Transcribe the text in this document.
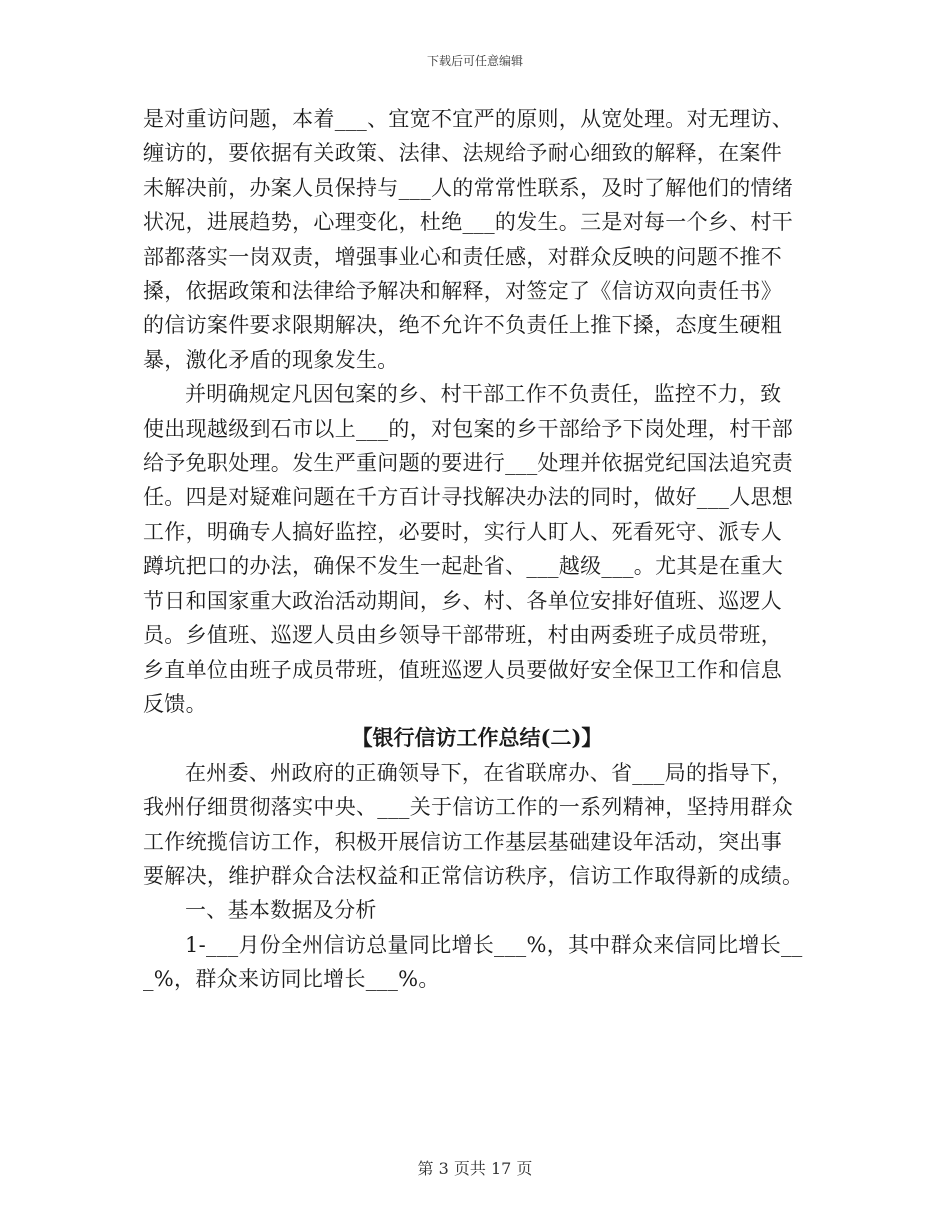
下载后可任意编辑
是对重访问题，本着___、宜宽不宜严的原则，从宽处理。对无理访、
缠访的，要依据有关政策、法律、法规给予耐心细致的解释，在案件
未解决前，办案人员保持与___人的常常性联系，及时了解他们的情绪
状况，进展趋势，心理变化，杜绝___的发生。三是对每一个乡、村干
部都落实一岗双责，增强事业心和责任感，对群众反映的问题不推不
搡，依据政策和法律给予解决和解释，对签定了《信访双向责任书》
的信访案件要求限期解决，绝不允许不负责任上推下搡，态度生硬粗
暴，激化矛盾的现象发生。
并明确规定凡因包案的乡、村干部工作不负责任，监控不力，致
使出现越级到石市以上___的，对包案的乡干部给予下岗处理，村干部
给予免职处理。发生严重问题的要进行___处理并依据党纪国法追究责
任。四是对疑难问题在千方百计寻找解决办法的同时，做好___人思想
工作，明确专人搞好监控，必要时，实行人盯人、死看死守、派专人
蹲坑把口的办法，确保不发生一起赴省、___越级___。尤其是在重大
节日和国家重大政治活动期间，乡、村、各单位安排好值班、巡逻人
员。乡值班、巡逻人员由乡领导干部带班，村由两委班子成员带班，
乡直单位由班子成员带班，值班巡逻人员要做好安全保卫工作和信息
反馈。
【银行信访工作总结(二)】
在州委、州政府的正确领导下，在省联席办、省___局的指导下，
我州仔细贯彻落实中央、___关于信访工作的一系列精神，坚持用群众
工作统揽信访工作，积极开展信访工作基层基础建设年活动，突出事
要解决，维护群众合法权益和正常信访秩序，信访工作取得新的成绩。
一、基本数据及分析
1-___月份全州信访总量同比增长___%，其中群众来信同比增长__
_%，群众来访同比增长___%。
第 3 页共 17 页
